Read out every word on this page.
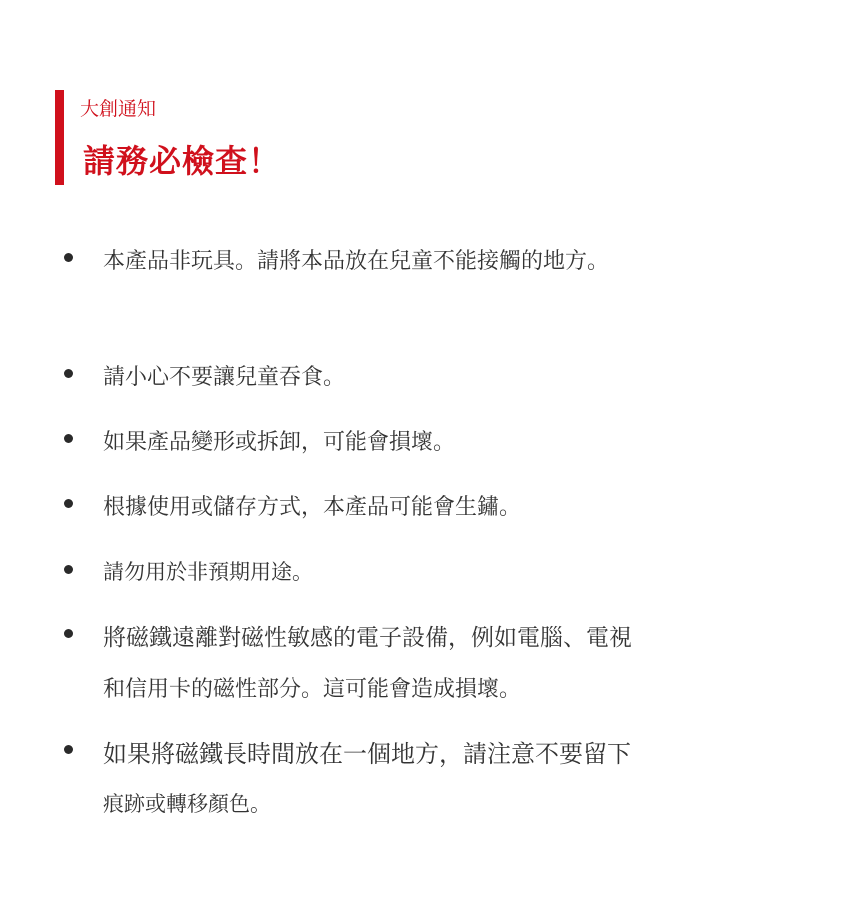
大創通知
請務必檢查！
本產品非玩具。請將本品放在兒童不能接觸的地方。
請小心不要讓兒童吞食。
如果產品變形或拆卸，可能會損壞。
根據使用或儲存方式，本產品可能會生鏽。
請勿用於非預期用途。
將磁鐵遠離對磁性敏感的電子設備，例如電腦、電視
和信用卡的磁性部分。這可能會造成損壞。
如果將磁鐵長時間放在一個地方，請注意不要留下
痕跡或轉移顏色。
